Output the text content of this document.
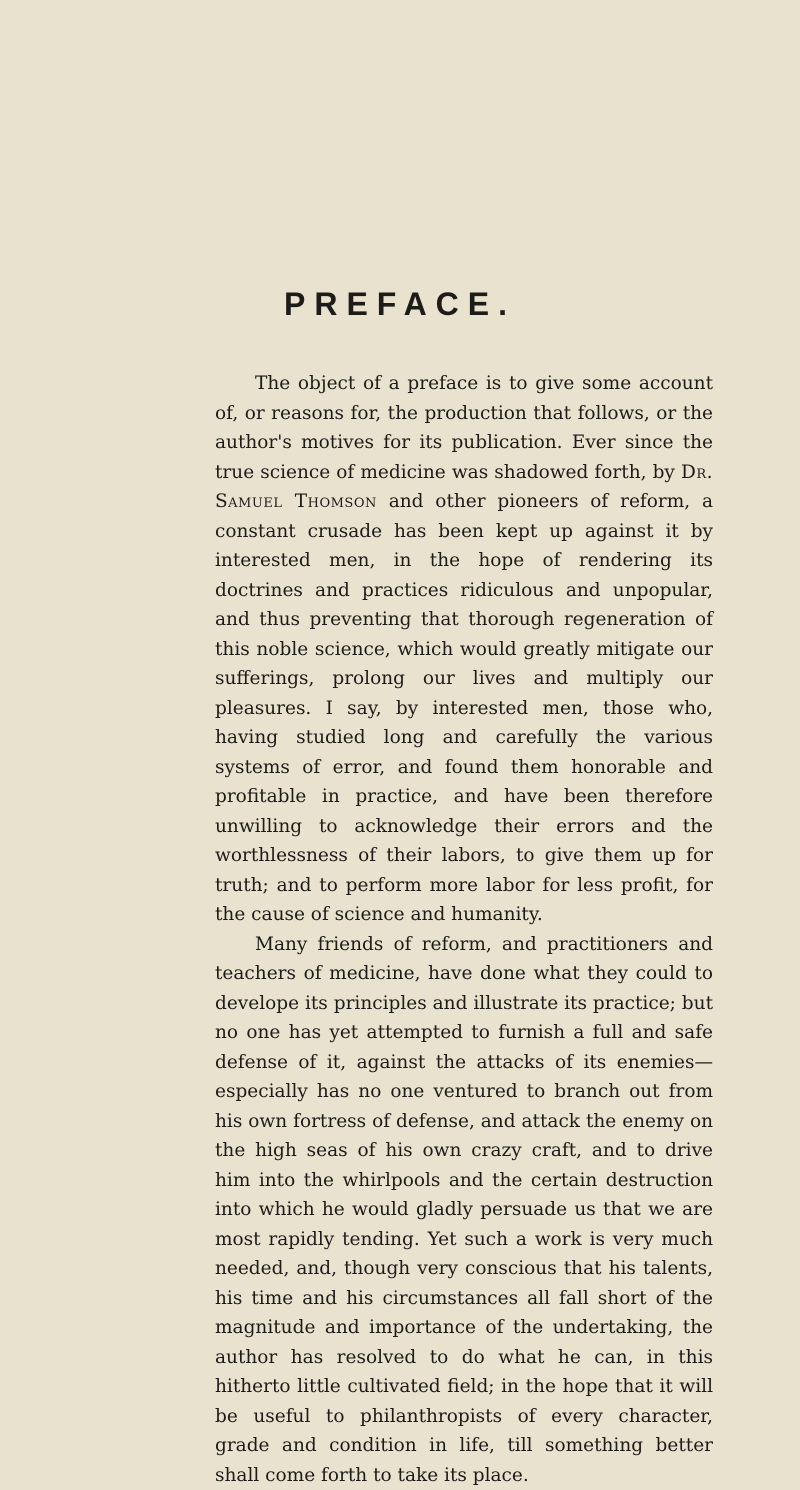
PREFACE.

The object of a preface is to give some account of, or reasons for, the production that follows, or the author's motives for its publication. Ever since the true science of medicine was shadowed forth, by Dr. Samuel Thomson and other pioneers of reform, a constant crusade has been kept up against it by interested men, in the hope of rendering its doctrines and practices ridiculous and unpopular, and thus preventing that thorough regeneration of this noble science, which would greatly mitigate our sufferings, prolong our lives and multiply our pleasures. I say, by interested men, those who, having studied long and carefully the various systems of error, and found them honorable and profitable in practice, and have been therefore unwilling to acknowledge their errors and the worthlessness of their labors, to give them up for truth; and to perform more labor for less profit, for the cause of science and humanity.

Many friends of reform, and practitioners and teachers of medicine, have done what they could to develope its principles and illustrate its practice; but no one has yet attempted to furnish a full and safe defense of it, against the attacks of its enemies—especially has no one ventured to branch out from his own fortress of defense, and attack the enemy on the high seas of his own crazy craft, and to drive him into the whirlpools and the certain destruction into which he would gladly persuade us that we are most rapidly tending. Yet such a work is very much needed, and, though very conscious that his talents, his time and his circumstances all fall short of the magnitude and importance of the undertaking, the author has resolved to do what he can, in this hitherto little cultivated field; in the hope that it will be useful to philanthropists of every character, grade and condition in life, till something better shall come forth to take its place.
